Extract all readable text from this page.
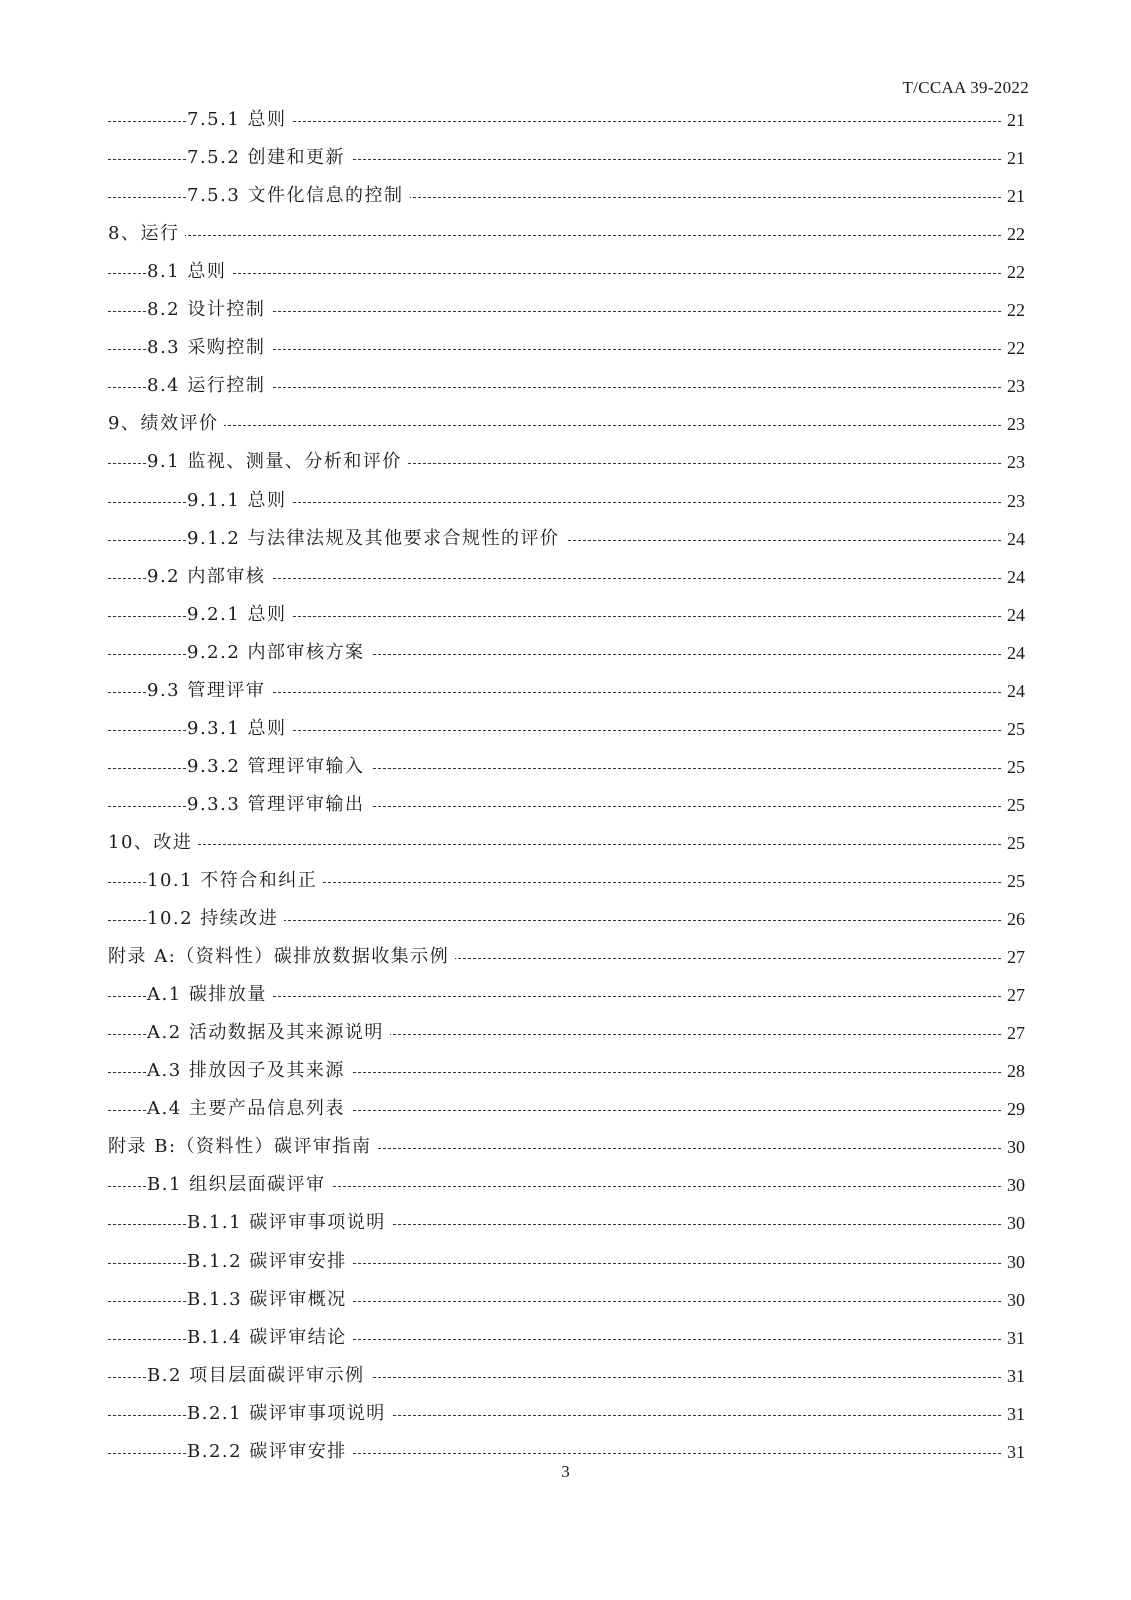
T/CCAA 39-2022
7.5.1 总则	21
7.5.2 创建和更新	21
7.5.3 文件化信息的控制	21
8、运行	22
8.1 总则	22
8.2 设计控制	22
8.3 采购控制	22
8.4 运行控制	23
9、绩效评价	23
9.1 监视、测量、分析和评价	23
9.1.1 总则	23
9.1.2 与法律法规及其他要求合规性的评价	24
9.2 内部审核	24
9.2.1 总则	24
9.2.2 内部审核方案	24
9.3 管理评审	24
9.3.1 总则	25
9.3.2 管理评审输入	25
9.3.3 管理评审输出	25
10、改进	25
10.1 不符合和纠正	25
10.2 持续改进	26
附录 A:（资料性）碳排放数据收集示例	27
A.1 碳排放量	27
A.2 活动数据及其来源说明	27
A.3 排放因子及其来源	28
A.4 主要产品信息列表	29
附录 B:（资料性）碳评审指南	30
B.1 组织层面碳评审	30
B.1.1 碳评审事项说明	30
B.1.2 碳评审安排	30
B.1.3 碳评审概况	30
B.1.4 碳评审结论	31
B.2 项目层面碳评审示例	31
B.2.1 碳评审事项说明	31
B.2.2 碳评审安排	31
3
